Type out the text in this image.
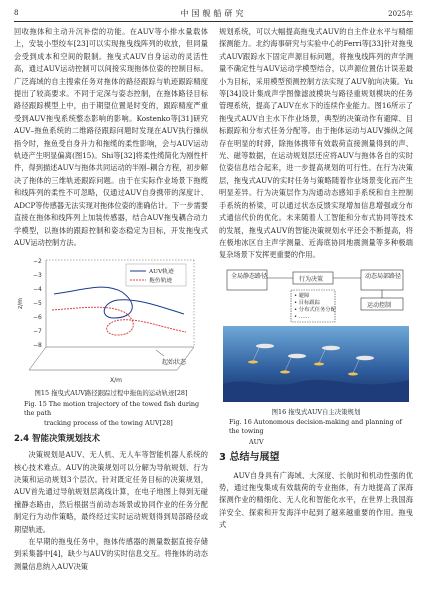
8	中国舰船研究	2025年

回收拖体和主动升沉补偿的功能。在AUV等小排水量载体上，安装小型绞车[23]可以实现拖曳线阵列的收放，但同量会受到成本和空间的限制。拖曳式AUV自身运动的灵活性高，通过AUV运动控制可以间接实现拖体位姿的控制目标。广泛海域的自主搜索任务对拖体的路径跟踪与轨迹跟踪精度提出了较高要求。不同于定深与姿态控制，在拖体路径目标路径跟踪模型上中，由于期望位置是时变的，跟踪精度严重受到AUV拖曳系统整态影响的影响。Kostenko等[31]研究AUV–拖鱼系统的二维路径跟踪问题时发现在AUV执行操纵指令时，拖鱼受自身升力和拖缆的柔性影响，会与AUV运动轨迹产生明显偏离(图15)。Shi等[32]将柔性缆简化为刚性杆件，得到描述AUV与拖体共同运动的半刚–耦合方程，初步解决了拖体的三维轨迹跟踪问题。由于在实际作业场景下拖缆和线阵列的柔性不可忽略，仅通过AUV自身携带的深度计、ADCP等传感器无法实现对拖体位姿的准确估计。下一步需要直接在拖体和线阵列上加装传感器，结合AUV拖曳耦合动力学模型，以拖体的跟踪控制和姿态稳定为目标，开发拖曳式AUV运动控制方法。

−2
−3
−4
−5
−6
−7
−8
z/m
X/m
AUV轨迹
拖鱼轨迹
起始状态
图15 拖曳式AUV路径跟踪过程中拖鱼的运动轨迹[28]
Fig. 15 The motion trajectory of the towed fish during the path
tracking process of the towing AUV[28]
2.4 智能决策规划技术

决策规划是AUV、无人机、无人车等智能机器人系统的核心技术难点。AUV的决策规划可以分解为导航规划、行为决策和运动规划3个层次。针对既定任务目标的决策规划，AUV首先通过导航规划层离线计算，在电子地图上得到无碰撞静态路由，然后根据当前动态场景或协同作业的任务分配制定行为动作策略，最终经过实时运动规划得到局部路径或期望轨迹。

在早期的拖曳任务中，拖体传感器的测量数据直接存储到采集器中[4]，缺少与AUV的实时信息交互。将拖体的动态测量信息纳入AUV决策

规划系统，可以大幅提高拖曳式AUV的自主作业水平与精细探测能力。北约海事研究与实验中心的Ferri等[33]针对拖曳式AUV跟踪水下固定声源目标问题，将拖曳线阵列的声学测量不确定性与AUV运动学模型结合，以声源位置估计误差最小为目标，采用模型预测控制方法实现了AUV航向决策。Yu等[34]设计集成声学图像滤波模块与路径重规划模块的任务管理系统，提高了AUV在水下的连续作业能力。图16所示了拖曳式AUV自主水下作业场景，典型的决策动作有避障、目标跟踪和分布式任务分配等。由于拖体运动与AUV操纵之间存在明显的时滞，除拖体携带有效载荷直接测量得到的声、光、磁等数据，在运动规划层还应将AUV与拖体各自的实时位姿信息结合起来，进一步提高规划的可行性。在行为决策层，拖曳式AUV的实时任务与策略随着作业场景变化而产生明显差异。行为决策层作为沟通动态感知手系统和自主控制手系统的桥梁，可以通过状态反馈实现增加信息增强或分布式通信代价的优化。未来随着人工智能和分布式协同等技术的发展，拖曳式AUV的智能决策规划水平还会不断提高，将在极地冰区自主声学测量、近海底协同地震测量等多种极端复杂场景下发挥更重要的作用。

全局静态路径	行为决策	动态局部路径
运动控制
• 避障
• 目标跟踪
• 分布式任务分配
• ……
图16 拖曳式AUV自主决策规划
Fig. 16 Autonomous decision-making and planning of the towing
AUV
3 总结与展望

AUV自身具有广海域、大深度、长航时和机动性强的优势，通过拖曳集成有效载荷的专业拖体，有力地提高了深海探测作业的精细化、无人化和智能化水平，在世界上我国海洋安全、探索和开发海洋中起到了越来越重要的作用。拖曳式
